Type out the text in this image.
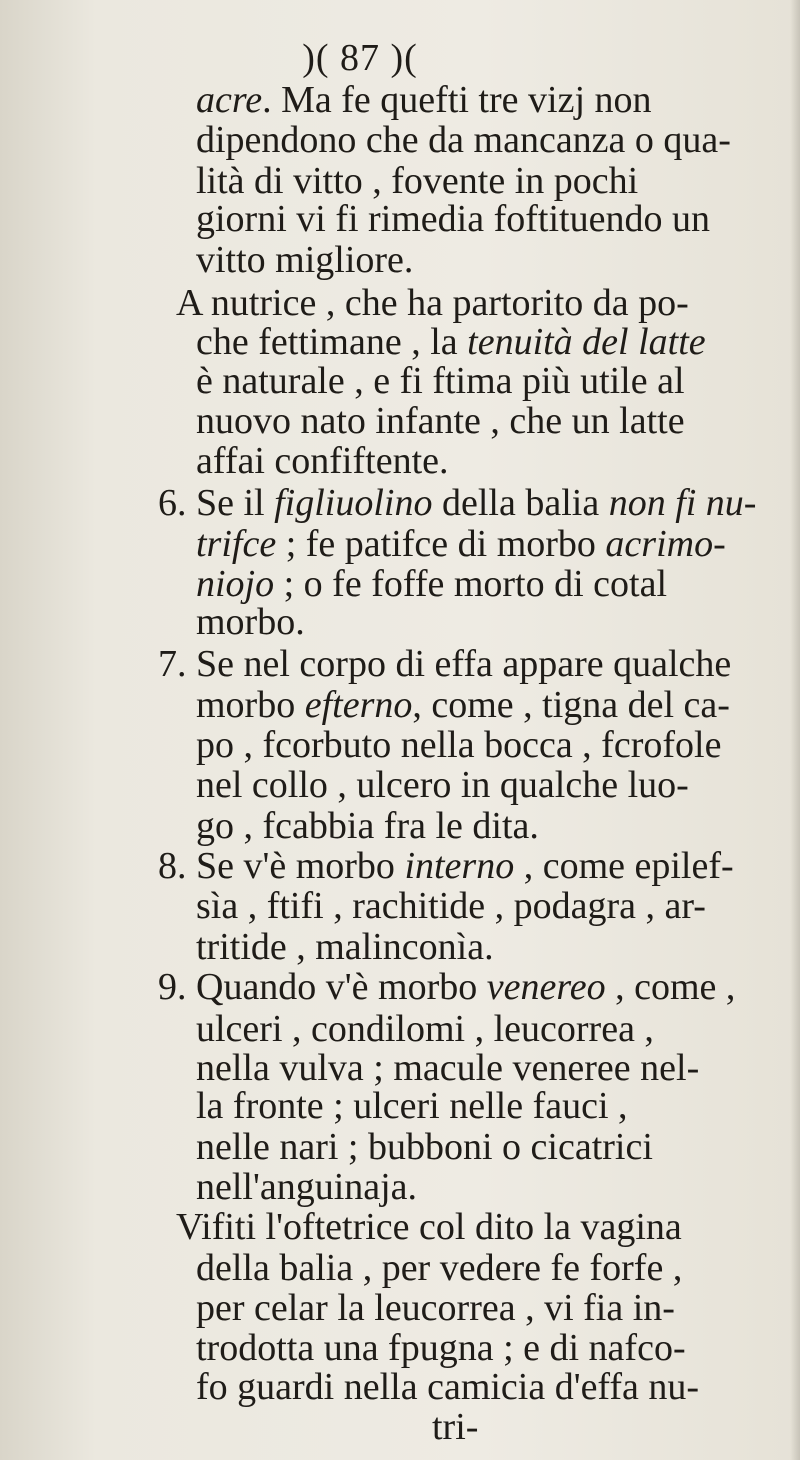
)( 87 )(
acre. Ma fe quefti tre vizj non
dipendono che da mancanza o qua-
lità di vitto , fovente in pochi
giorni vi fi rimedia foftituendo un
vitto migliore.
A nutrice , che ha partorito da po-
che fettimane , la tenuità del latte
è naturale , e fi ftima più utile al
nuovo nato infante , che un latte
affai confiftente.
6. Se il figliuolino della balia non fi nu-
trifce ; fe patifce di morbo acrimo-
niojo ; o fe foffe morto di cotal
morbo.
7. Se nel corpo di effa appare qualche
morbo efterno, come , tigna del ca-
po , fcorbuto nella bocca , fcrofole
nel collo , ulcero in qualche luo-
go , fcabbia fra le dita.
8. Se v'è morbo interno , come epilef-
sìa , ftifi , rachitide , podagra , ar-
tritide , malinconìa.
9. Quando v'è morbo venereo , come ,
ulceri , condilomi , leucorrea ,
nella vulva ; macule veneree nel-
la fronte ; ulceri nelle fauci ,
nelle nari ; bubboni o cicatrici
nell'anguinaja.
Vifiti l'oftetrice col dito la vagina
della balia , per vedere fe forfe ,
per celar la leucorrea , vi fia in-
trodotta una fpugna ; e di nafco-
fo guardi nella camicia d'effa nu-
tri-
